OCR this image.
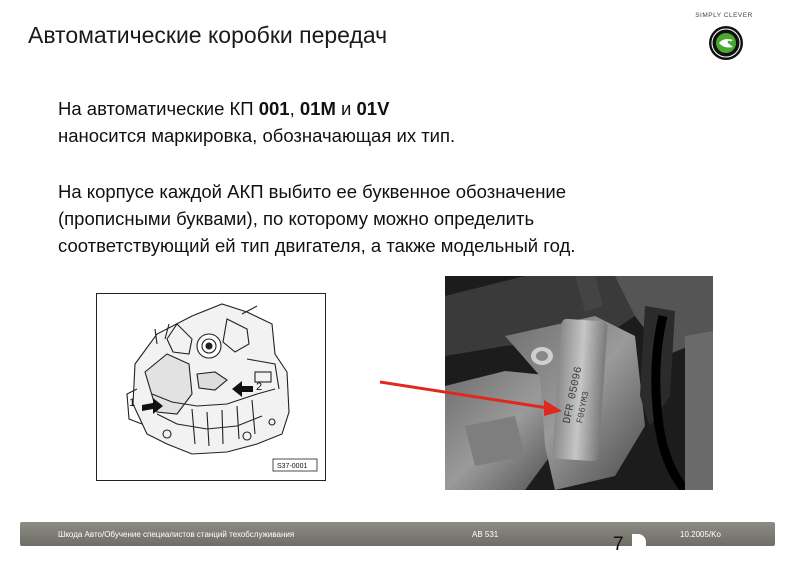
Автоматические коробки передач
SIMPLY CLEVER
На автоматические КП 001, 01M и 01V
наносится маркировка, обозначающая их тип.
На корпусе каждой АКП выбито ее буквенное обозначение
(прописными буквами), по которому можно определить
соответствующий ей тип двигателя, а также модельный год.
1
2
S37-0001
DFR
05096
F06YM3
Шкода Авто/Обучение специалистов станций техобслуживания	AB 531	10.2005/Ko
7
